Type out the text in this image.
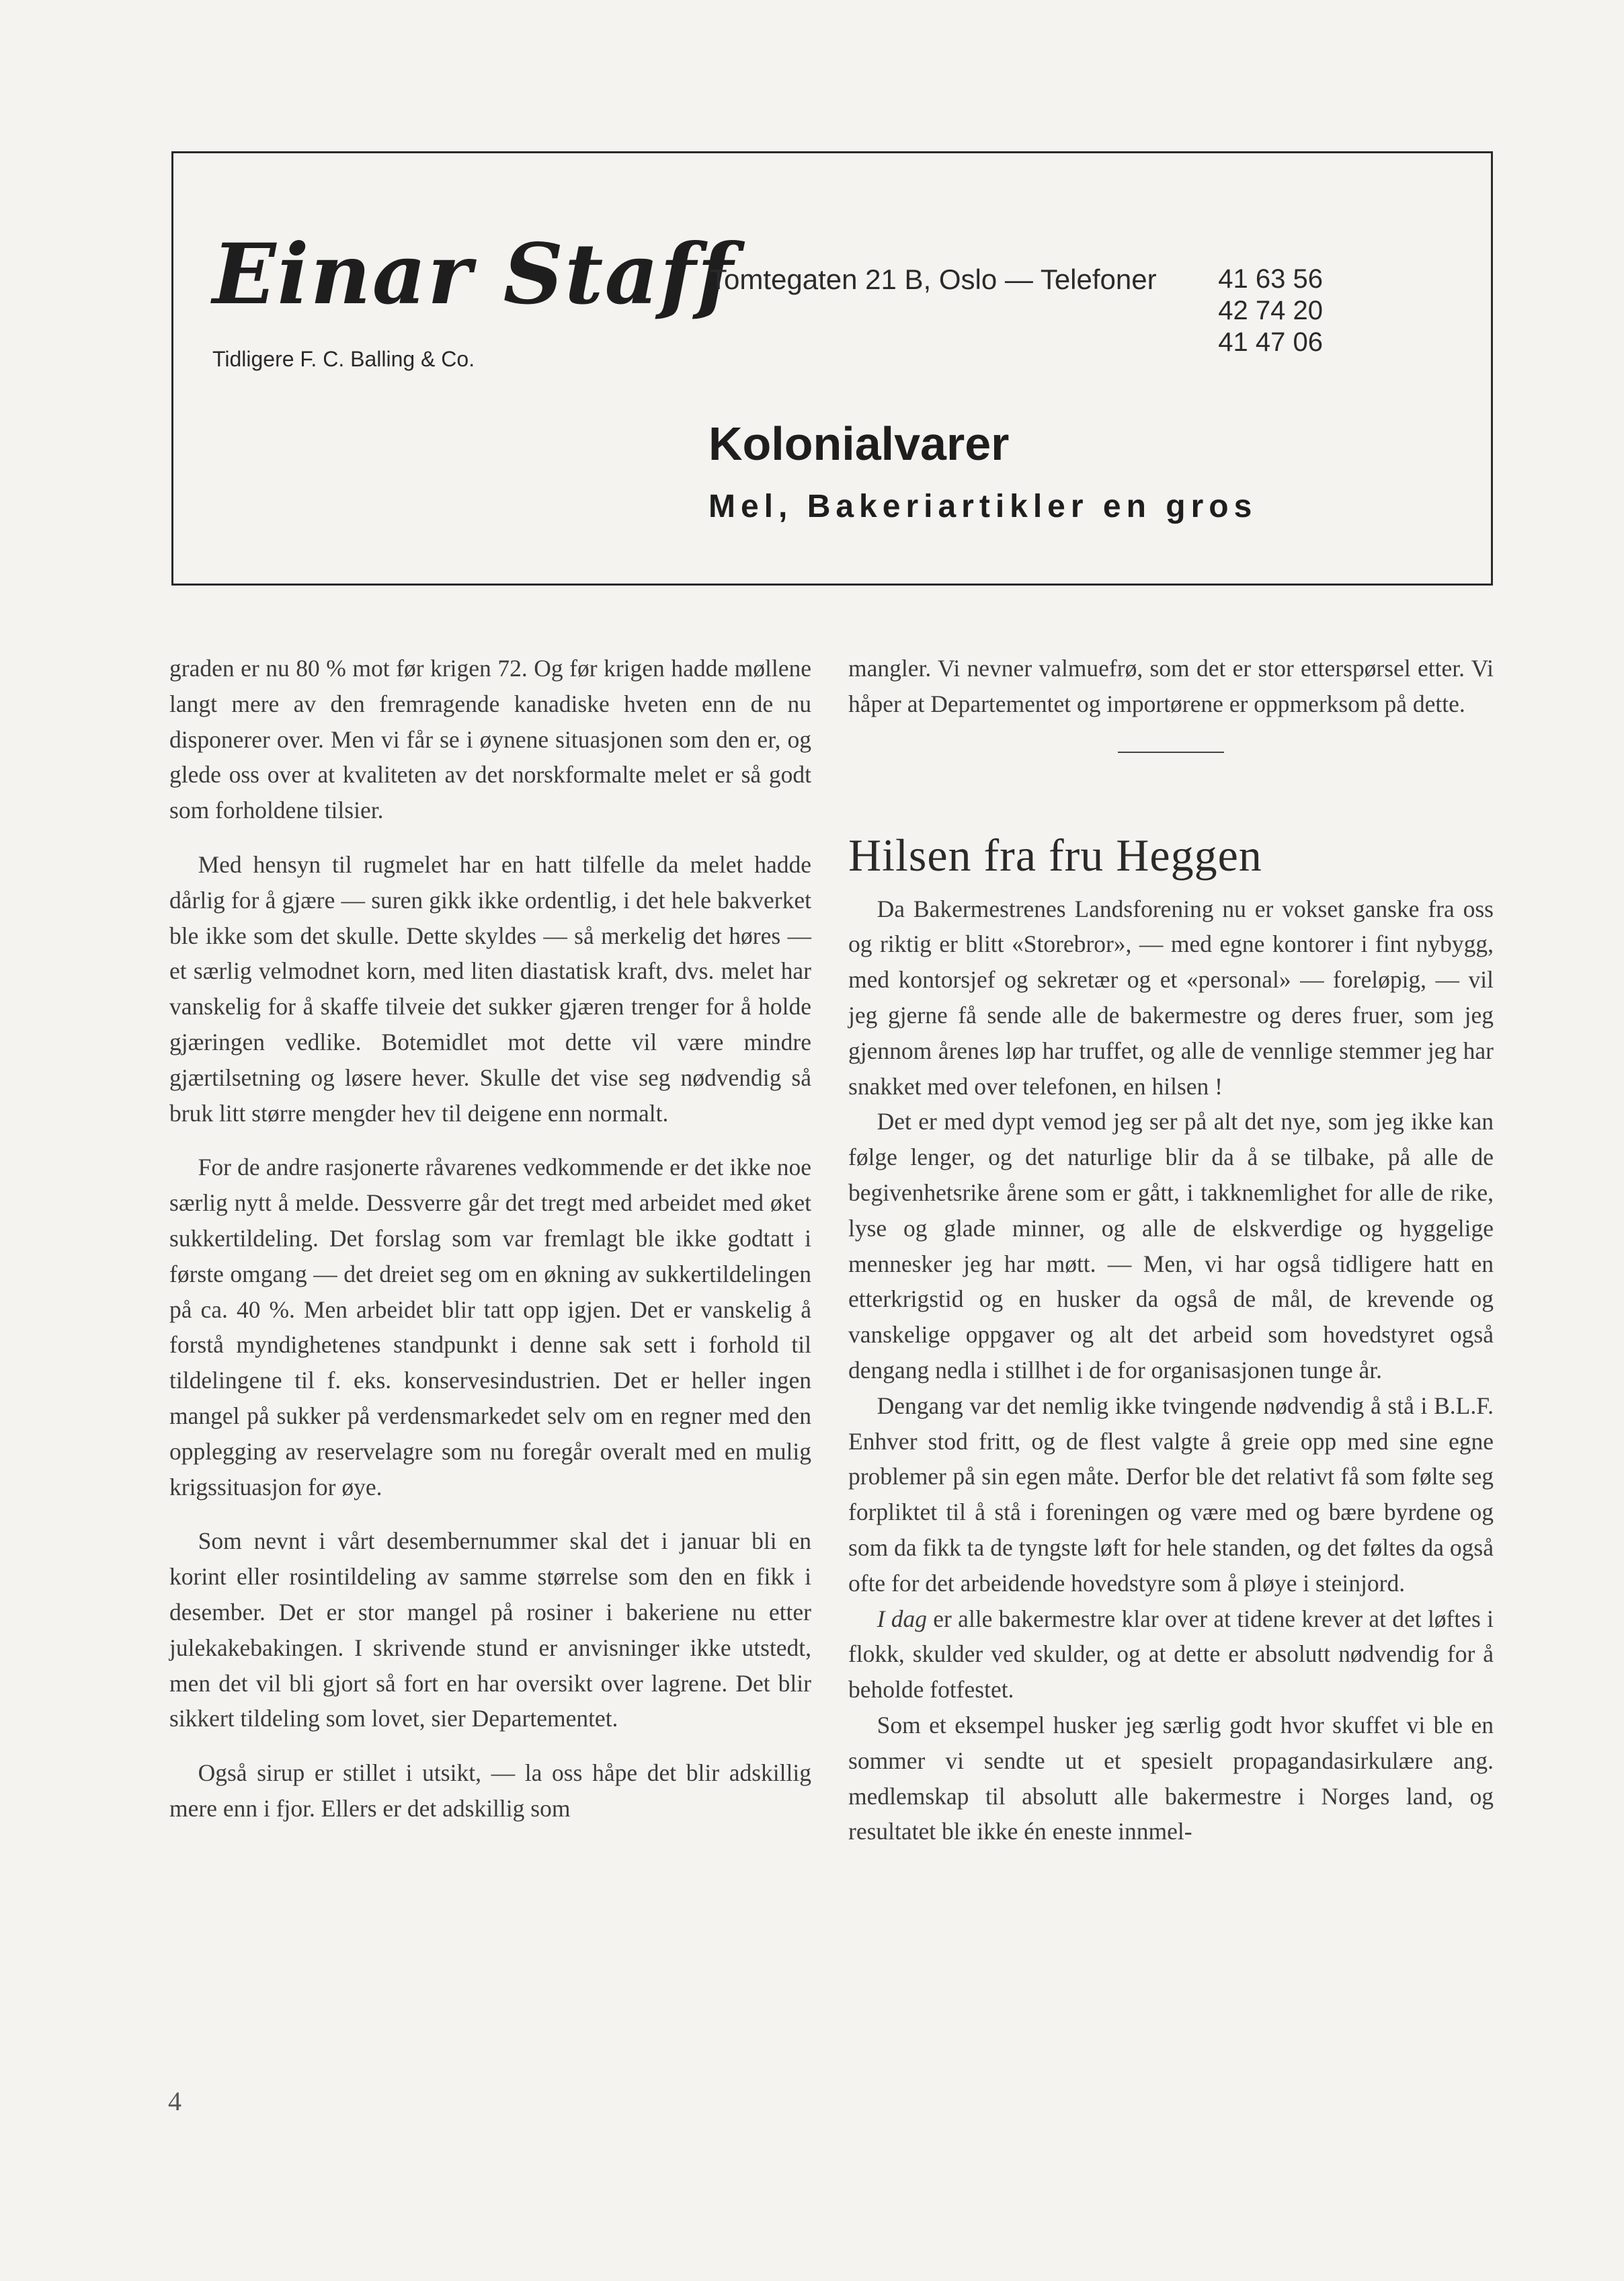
Einar Staff
Tidligere F. C. Balling & Co.
Tomtegaten 21 B, Oslo — Telefoner 41 63 56
42 74 20
41 47 06
Kolonialvarer
Mel, Bakeriartikler en gros

graden er nu 80 % mot før krigen 72. Og før krigen hadde møllene langt mere av den fremragende kanadiske hveten enn de nu disponerer over. Men vi får se i øynene situasjonen som den er, og glede oss over at kvaliteten av det norskformalte melet er så godt som forholdene tilsier.

Med hensyn til rugmelet har en hatt tilfelle da melet hadde dårlig for å gjære — suren gikk ikke ordentlig, i det hele bakverket ble ikke som det skulle. Dette skyldes — så merkelig det høres — et særlig velmodnet korn, med liten diastatisk kraft, dvs. melet har vanskelig for å skaffe tilveie det sukker gjæren trenger for å holde gjæringen vedlike. Botemidlet mot dette vil være mindre gjærtilsetning og løsere hever. Skulle det vise seg nødvendig så bruk litt større mengder hev til deigene enn normalt.

For de andre rasjonerte råvarenes vedkommende er det ikke noe særlig nytt å melde. Dessverre går det tregt med arbeidet med øket sukkertildeling. Det forslag som var fremlagt ble ikke godtatt i første omgang — det dreiet seg om en økning av sukkertildelingen på ca. 40 %. Men arbeidet blir tatt opp igjen. Det er vanskelig å forstå myndighetenes standpunkt i denne sak sett i forhold til tildelingene til f. eks. konservesindustrien. Det er heller ingen mangel på sukker på verdensmarkedet selv om en regner med den opplegging av reservelagre som nu foregår overalt med en mulig krigssituasjon for øye.

Som nevnt i vårt desembernummer skal det i januar bli en korint eller rosintildeling av samme størrelse som den en fikk i desember. Det er stor mangel på rosiner i bakeriene nu etter julekakebakingen. I skrivende stund er anvisninger ikke utstedt, men det vil bli gjort så fort en har oversikt over lagrene. Det blir sikkert tildeling som lovet, sier Departementet.

Også sirup er stillet i utsikt, — la oss håpe det blir adskillig mere enn i fjor. Ellers er det adskillig som

mangler. Vi nevner valmuefrø, som det er stor etterspørsel etter. Vi håper at Departementet og importørene er oppmerksom på dette.

Hilsen fra fru Heggen

Da Bakermestrenes Landsforening nu er vokset ganske fra oss og riktig er blitt «Storebror», — med egne kontorer i fint nybygg, med kontorsjef og sekretær og et «personal» — foreløpig, — vil jeg gjerne få sende alle de bakermestre og deres fruer, som jeg gjennom årenes løp har truffet, og alle de vennlige stemmer jeg har snakket med over telefonen, en hilsen !

Det er med dypt vemod jeg ser på alt det nye, som jeg ikke kan følge lenger, og det naturlige blir da å se tilbake, på alle de begivenhetsrike årene som er gått, i takknemlighet for alle de rike, lyse og glade minner, og alle de elskverdige og hyggelige mennesker jeg har møtt. — Men, vi har også tidligere hatt en etterkrigstid og en husker da også de mål, de krevende og vanskelige oppgaver og alt det arbeid som hovedstyret også dengang nedla i stillhet i de for organisasjonen tunge år.

Dengang var det nemlig ikke tvingende nødvendig å stå i B.L.F. Enhver stod fritt, og de flest valgte å greie opp med sine egne problemer på sin egen måte. Derfor ble det relativt få som følte seg forpliktet til å stå i foreningen og være med og bære byrdene og som da fikk ta de tyngste løft for hele standen, og det føltes da også ofte for det arbeidende hovedstyre som å pløye i steinjord.

I dag er alle bakermestre klar over at tidene krever at det løftes i flokk, skulder ved skulder, og at dette er absolutt nødvendig for å beholde fotfestet.

Som et eksempel husker jeg særlig godt hvor skuffet vi ble en sommer vi sendte ut et spesielt propagandasirkulære ang. medlemskap til absolutt alle bakermestre i Norges land, og resultatet ble ikke én eneste innmel-

4
